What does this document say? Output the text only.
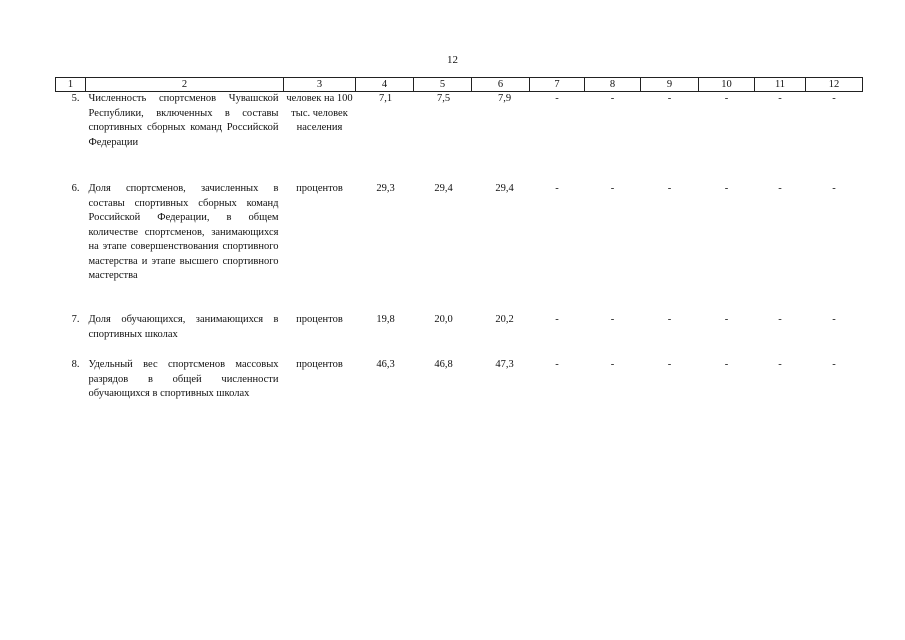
12
1	2	3	4	5	6	7	8	9	10	11	12
5.	Численность спортсменов Чувашской Республики, включенных в составы спортивных сборных команд Российской Федерации	человек на 100 тыс. человек населения	7,1	7,5	7,9	-	-	-	-	-	-
6.	Доля спортсменов, зачисленных в составы спортивных сборных команд Российской Федерации, в общем количестве спортсменов, занимающихся на этапе совершенствования спортивного мастерства и этапе высшего спортивного мастерства	процентов	29,3	29,4	29,4	-	-	-	-	-	-
7.	Доля обучающихся, занимающихся в спортивных школах	процентов	19,8	20,0	20,2	-	-	-	-	-	-
8.	Удельный вес спортсменов массовых разрядов в общей численности обучающихся в спортивных школах	процентов	46,3	46,8	47,3	-	-	-	-	-	-
